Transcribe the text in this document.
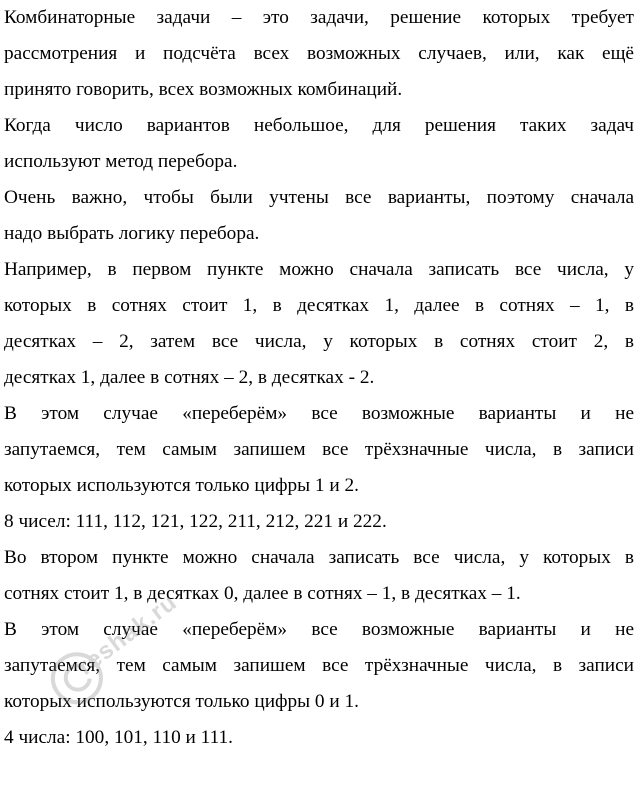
Комбинаторные задачи – это задачи, решение которых требует
рассмотрения и подсчёта всех возможных случаев, или, как ещё
принято говорить, всех возможных комбинаций.

Когда число вариантов небольшое, для решения таких задач
используют метод перебора.

Очень важно, чтобы были учтены все варианты, поэтому сначала
надо выбрать логику перебора.

Например, в первом пункте можно сначала записать все числа, у
которых в сотнях стоит 1, в десятках 1, далее в сотнях – 1, в
десятках – 2, затем все числа, у которых в сотнях стоит 2, в
десятках 1, далее в сотнях – 2, в десятках - 2.

В этом случае «переберём» все возможные варианты и не
запутаемся, тем самым запишем все трёхзначные числа, в записи
которых используются только цифры 1 и 2.

8 чисел: 111, 112, 121, 122, 211, 212, 221 и 222.

Во втором пункте можно сначала записать все числа, у которых в
сотнях стоит 1, в десятках 0, далее в сотнях – 1, в десятках – 1.

В этом случае «переберём» все возможные варианты и не
запутаемся, тем самым запишем все трёхзначные числа, в записи
которых используются только цифры 0 и 1.

4 числа: 100, 101, 110 и 111.

reshak.ru
